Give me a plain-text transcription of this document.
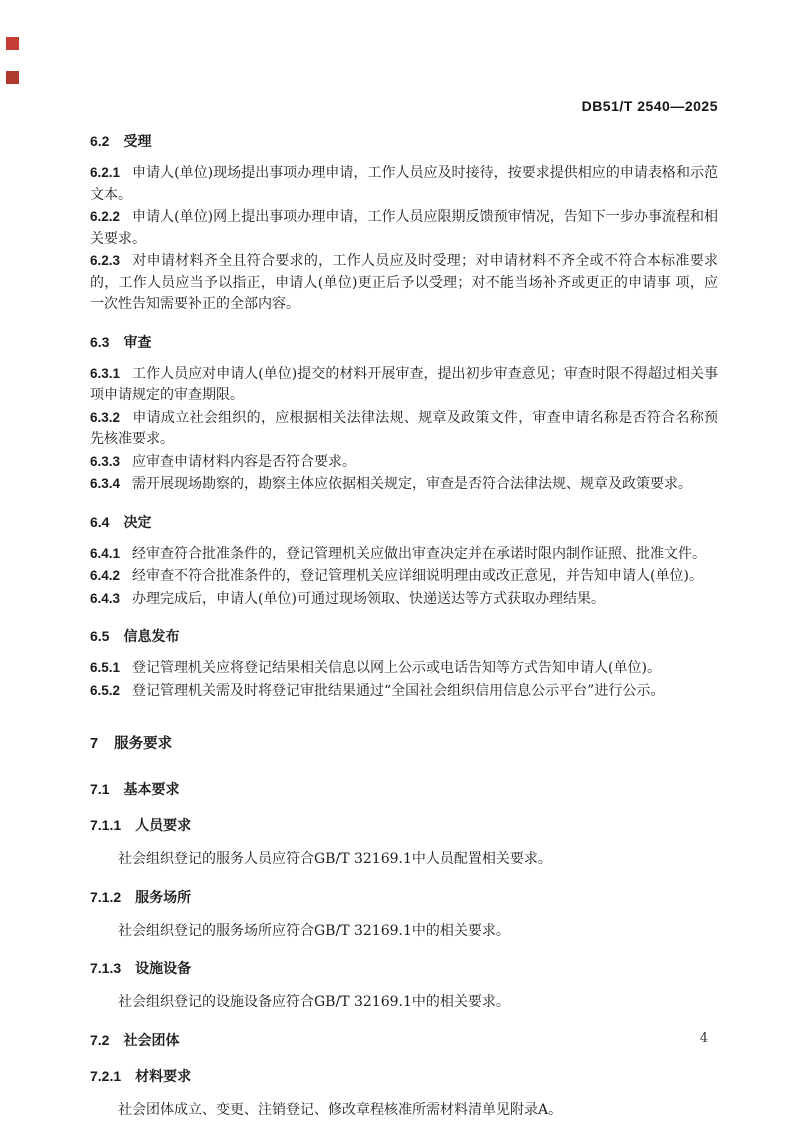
DB51/T 2540—2025
6.2 受理
6.2.1 申请人(单位)现场提出事项办理申请，工作人员应及时接待，按要求提供相应的申请表格和示范文本。
6.2.2 申请人(单位)网上提出事项办理申请，工作人员应限期反馈预审情况，告知下一步办事流程和相关要求。
6.2.3 对申请材料齐全且符合要求的，工作人员应及时受理；对申请材料不齐全或不符合本标准要求的，工作人员应当予以指正，申请人(单位)更正后予以受理；对不能当场补齐或更正的申请事 项，应一次性告知需要补正的全部内容。
6.3 审查
6.3.1 工作人员应对申请人(单位)提交的材料开展审查，提出初步审查意见；审查时限不得超过相关事项申请规定的审查期限。
6.3.2 申请成立社会组织的，应根据相关法律法规、规章及政策文件，审查申请名称是否符合名称预先核准要求。
6.3.3 应审查申请材料内容是否符合要求。
6.3.4 需开展现场勘察的，勘察主体应依据相关规定，审查是否符合法律法规、规章及政策要求。
6.4 决定
6.4.1 经审查符合批准条件的，登记管理机关应做出审查决定并在承诺时限内制作证照、批准文件。
6.4.2 经审查不符合批准条件的，登记管理机关应详细说明理由或改正意见，并告知申请人(单位)。
6.4.3 办理完成后，申请人(单位)可通过现场领取、快递送达等方式获取办理结果。
6.5 信息发布
6.5.1 登记管理机关应将登记结果相关信息以网上公示或电话告知等方式告知申请人(单位)。
6.5.2 登记管理机关需及时将登记审批结果通过“全国社会组织信用信息公示平台”进行公示。
7 服务要求
7.1 基本要求
7.1.1 人员要求
社会组织登记的服务人员应符合GB/T 32169.1中人员配置相关要求。
7.1.2 服务场所
社会组织登记的服务场所应符合GB/T 32169.1中的相关要求。
7.1.3 设施设备
社会组织登记的设施设备应符合GB/T 32169.1中的相关要求。
7.2 社会团体
7.2.1 材料要求
社会团体成立、变更、注销登记、修改章程核准所需材料清单见附录A。
4
